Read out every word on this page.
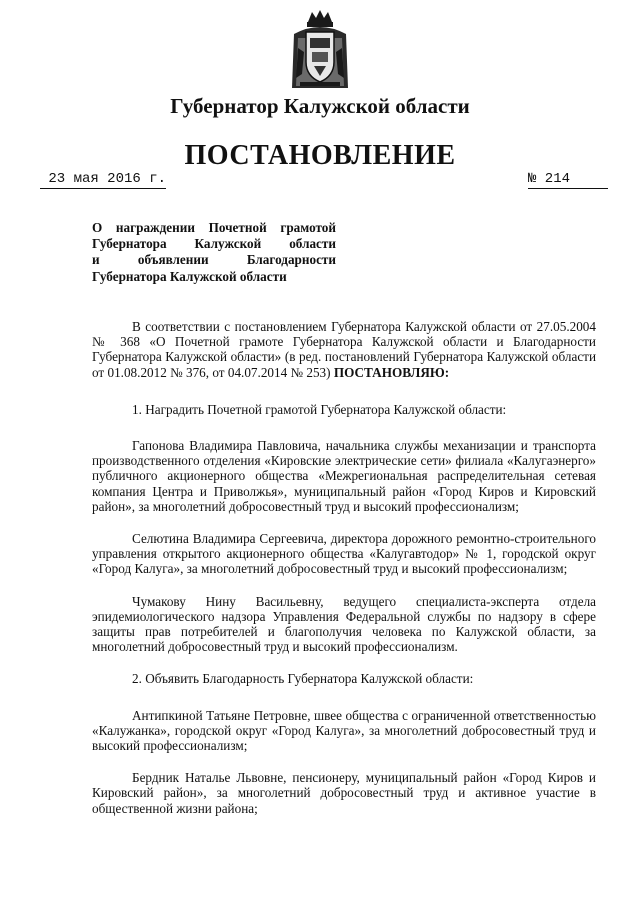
Губернатор Калужской области
ПОСТАНОВЛЕНИЕ
23 мая 2016 г.	№ 214
О награждении Почетной грамотой
Губернатора Калужской области
и объявлении Благодарности
Губернатора Калужской области

В соответствии с постановлением Губернатора Калужской области от 27.05.2004 № 368 «О Почетной грамоте Губернатора Калужской области и Благодарности Губернатора Калужской области» (в ред. постановлений Губернатора Калужской области от 01.08.2012 № 376, от 04.07.2014 № 253) ПОСТАНОВЛЯЮ:

1. Наградить Почетной грамотой Губернатора Калужской области:

Гапонова Владимира Павловича, начальника службы механизации и транспорта производственного отделения «Кировские электрические сети» филиала «Калугаэнерго» публичного акционерного общества «Межрегиональная распределительная сетевая компания Центра и Приволжья», муниципальный район «Город Киров и Кировский район», за многолетний добросовестный труд и высокий профессионализм;

Селютина Владимира Сергеевича, директора дорожного ремонтно-строительного управления открытого акционерного общества «Калугавтодор» № 1, городской округ «Город Калуга», за многолетний добросовестный труд и высокий профессионализм;

Чумакову Нину Васильевну, ведущего специалиста-эксперта отдела эпидемиологического надзора Управления Федеральной службы по надзору в сфере защиты прав потребителей и благополучия человека по Калужской области, за многолетний добросовестный труд и высокий профессионализм.

2. Объявить Благодарность Губернатора Калужской области:

Антипкиной Татьяне Петровне, швее общества с ограниченной ответственностью «Калужанка», городской округ «Город Калуга», за многолетний добросовестный труд и высокий профессионализм;

Бердник Наталье Львовне, пенсионеру, муниципальный район «Город Киров и Кировский район», за многолетний добросовестный труд и активное участие в общественной жизни района;
